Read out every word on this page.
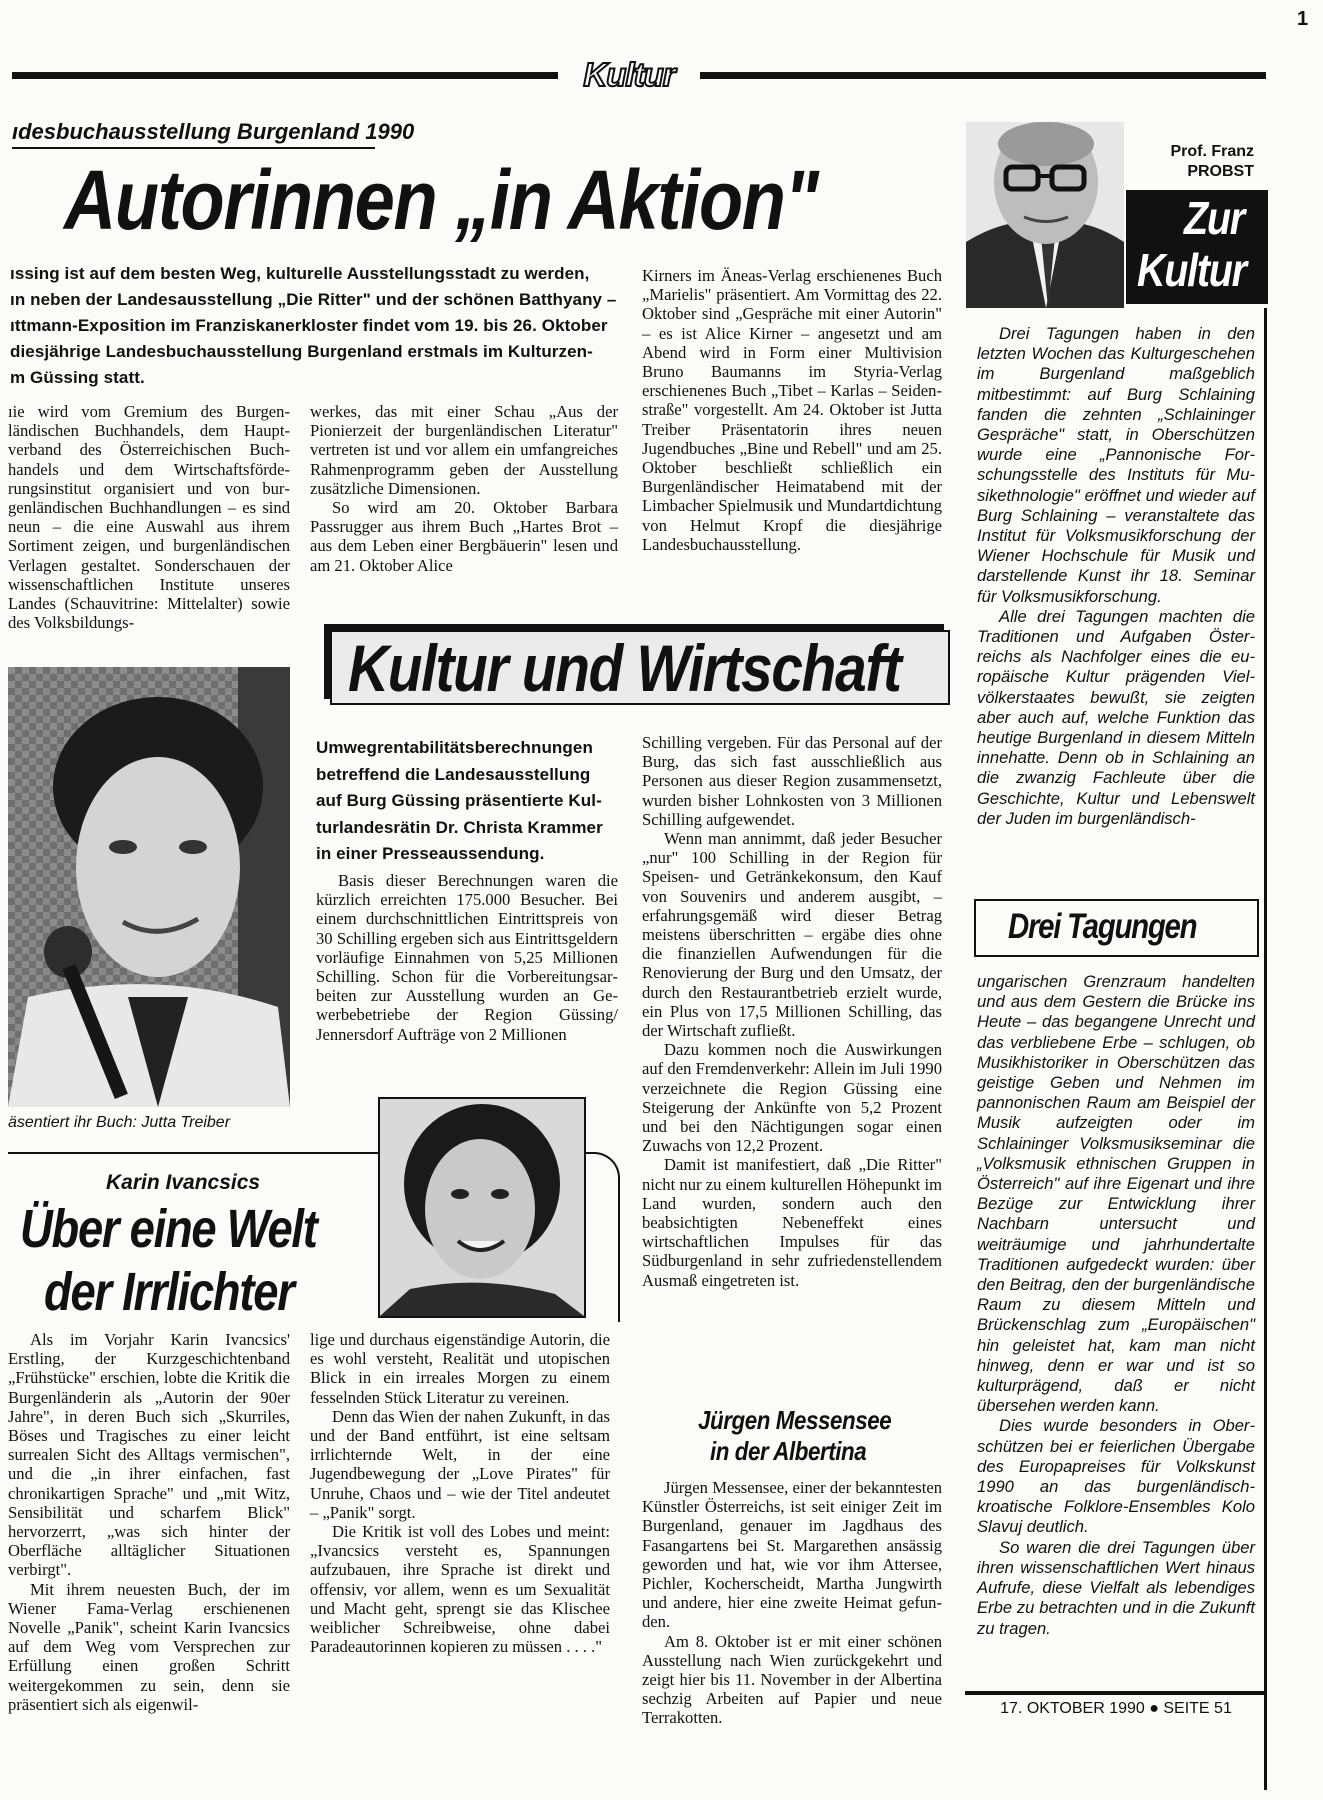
1
Kultur
ıdesbuchausstellung Burgenland 1990
Autorinnen „in Aktion"
ıssing ist auf dem besten Weg, kulturelle Ausstellungsstadt zu werden,
ın neben der Landesausstellung „Die Ritter" und der schönen Batthyany –
ıttmann-Exposition im Franziskanerkloster findet vom 19. bis 26. Oktober
diesjährige Landesbuchausstellung Burgenland erstmals im Kulturzen-
m Güssing statt.

ıie wird vom Gremium des Burgenländischen Buchhandels, dem Hauptverband des Österreichischen Buchhandels und dem Wirtschaftsförderungsinstitut organisiert und von burgenländischen Buchhandlungen – es sind neun – die eine Auswahl aus ihrem Sortiment zeigen, und burgenländischen Verlagen gestaltet. Sonderschauen der wissenschaftlichen Institute unseres Landes (Schauvitrine: Mittelalter) sowie des Volksbildungs-

werkes, das mit einer Schau „Aus der Pionierzeit der burgenländischen Literatur" vertreten ist und vor allem ein umfangreiches Rahmenprogramm geben der Ausstellung zusätzliche Dimensionen.

So wird am 20. Oktober Barbara Passrugger aus ihrem Buch „Hartes Brot – aus dem Leben einer Bergbäuerin" lesen und am 21. Oktober Alice

Kirners im Äneas-Verlag erschienenes Buch „Marielis" präsentiert. Am Vormittag des 22. Oktober sind „Gespräche mit einer Autorin" – es ist Alice Kirner – angesetzt und am Abend wird in Form einer Multivision Bruno Baumanns im Styria-Verlag erschienenes Buch „Tibet – Karlas – Seidenstraße" vorgestellt. Am 24. Oktober ist Jutta Treiber Präsentatorin ihres neuen Jugendbuches „Bine und Rebell" und am 25. Oktober beschließt schließlich ein Burgenländischer Heimatabend mit der Limbacher Spielmusik und Mundartdichtung von Helmut Kropf die diesjährige Landesbuchausstellung.

äsentiert ihr Buch: Jutta Treiber
Kultur und Wirtschaft
Umwegrentabilitätsberechnungen betreffend die Landesausstellung auf Burg Güssing präsentierte Kulturlandesrätin Dr. Christa Krammer in einer Presseaussendung.

Basis dieser Berechnungen waren die kürzlich erreichten 175.000 Besucher. Bei einem durchschnittlichen Eintrittspreis von 30 Schilling ergeben sich aus Eintrittsgeldern vorläufige Einnahmen von 5,25 Millionen Schilling. Schon für die Vorbereitungsarbeiten zur Ausstellung wurden an Gewerbebetriebe der Region Güssing/ Jennersdorf Aufträge von 2 Millionen

Schilling vergeben. Für das Personal auf der Burg, das sich fast ausschließlich aus Personen aus dieser Region zusammensetzt, wurden bisher Lohnkosten von 3 Millionen Schilling aufgewendet.

Wenn man annimmt, daß jeder Besucher „nur" 100 Schilling in der Region für Speisen- und Getränkekonsum, den Kauf von Souvenirs und anderem ausgibt, – erfahrungsgemäß wird dieser Betrag meistens überschritten – ergäbe dies ohne die finanziellen Aufwendungen für die Renovierung der Burg und den Umsatz, der durch den Restaurantbetrieb erzielt wurde, ein Plus von 17,5 Millionen Schilling, das der Wirtschaft zufließt.

Dazu kommen noch die Auswirkungen auf den Fremdenverkehr: Allein im Juli 1990 verzeichnete die Region Güssing eine Steigerung der Ankünfte von 5,2 Prozent und bei den Nächtigungen sogar einen Zuwachs von 12,2 Prozent.

Damit ist manifestiert, daß „Die Ritter" nicht nur zu einem kulturellen Höhepunkt im Land wurden, sondern auch den beabsichtigten Nebeneffekt eines wirtschaftlichen Impulses für das Südburgenland in sehr zufriedenstellendem Ausmaß eingetreten ist.

Karin Ivancsics
Über eine Welt
der Irrlichter

Als im Vorjahr Karin Ivancsics' Erstling, der Kurzgeschichtenband „Frühstücke" erschien, lobte die Kritik die Burgenländerin als „Autorin der 90er Jahre", in deren Buch sich „Skurriles, Böses und Tragisches zu einer leicht surrealen Sicht des Alltags vermischen", und die „in ihrer einfachen, fast chronikartigen Sprache" und „mit Witz, Sensibilität und scharfem Blick" hervorzerrt, „was sich hinter der Oberfläche alltäglicher Situationen verbirgt".

Mit ihrem neuesten Buch, der im Wiener Fama-Verlag erschienenen Novelle „Panik", scheint Karin Ivancsics auf dem Weg vom Versprechen zur Erfüllung einen großen Schritt weitergekommen zu sein, denn sie präsentiert sich als eigenwil-

lige und durchaus eigenständige Autorin, die es wohl versteht, Realität und utopischen Blick in ein irreales Morgen zu einem fesselnden Stück Literatur zu vereinen.

Denn das Wien der nahen Zukunft, in das und der Band entführt, ist eine seltsam irrlichternde Welt, in der eine Jugendbewegung der „Love Pirates" für Unruhe, Chaos und – wie der Titel andeutet – „Panik" sorgt.

Die Kritik ist voll des Lobes und meint: „Ivancsics versteht es, Spannungen aufzubauen, ihre Sprache ist direkt und offensiv, vor allem, wenn es um Sexualität und Macht geht, sprengt sie das Klischee weiblicher Schreibweise, ohne dabei Paradeautorinnen kopieren zu müssen . . . ."

Jürgen Messensee
in der Albertina

Jürgen Messensee, einer der bekanntesten Künstler Österreichs, ist seit einiger Zeit im Burgenland, genauer im Jagdhaus des Fasangartens bei St. Margarethen ansässig geworden und hat, wie vor ihm Attersee, Pichler, Kocherscheidt, Martha Jungwirth und andere, hier eine zweite Heimat gefunden.

Am 8. Oktober ist er mit einer schönen Ausstellung nach Wien zurückgekehrt und zeigt hier bis 11. November in der Albertina sechzig Arbeiten auf Papier und neue Terrakotten.

Prof. Franz
PROBST
Zur
Kultur

Drei Tagungen haben in den letzten Wochen das Kulturgeschehen im Burgenland maßgeblich mitbestimmt: auf Burg Schlaining fanden die zehnten „Schlaininger Gespräche" statt, in Oberschützen wurde eine „Pannonische Forschungsstelle des Instituts für Musikethnologie" eröffnet und wieder auf Burg Schlaining – veranstaltete das Institut für Volksmusikforschung der Wiener Hochschule für Musik und darstellende Kunst ihr 18. Seminar für Volksmusikforschung.

Alle drei Tagungen machten die Traditionen und Aufgaben Österreichs als Nachfolger eines die europäische Kultur prägenden Vielvölkerstaates bewußt, sie zeigten aber auch auf, welche Funktion das heutige Burgenland in diesem Mitteln innehatte. Denn ob in Schlaining an die zwanzig Fachleute über die Geschichte, Kultur und Lebenswelt der Juden im burgenländisch-

Drei Tagungen

ungarischen Grenzraum handelten und aus dem Gestern die Brücke ins Heute – das begangene Unrecht und das verbliebene Erbe – schlugen, ob Musikhistoriker in Oberschützen das geistige Geben und Nehmen im pannonischen Raum am Beispiel der Musik aufzeigten oder im Schlaininger Volksmusikseminar die „Volksmusik ethnischen Gruppen in Österreich" auf ihre Eigenart und ihre Bezüge zur Entwicklung ihrer Nachbarn untersucht und weiträumige und jahrhundertalte Traditionen aufgedeckt wurden: über den Beitrag, den der burgenländische Raum zu diesem Mitteln und Brückenschlag zum „Europäischen" hin geleistet hat, kam man nicht hinweg, denn er war und ist so kulturprägend, daß er nicht übersehen werden kann.

Dies wurde besonders in Oberschützen bei er feierlichen Übergabe des Europapreises für Volkskunst 1990 an das burgenländischkroatische Folklore-Ensembles Kolo Slavuj deutlich.

So waren die drei Tagungen über ihren wissenschaftlichen Wert hinaus Aufrufe, diese Vielfalt als lebendiges Erbe zu betrachten und in die Zukunft zu tragen.

17. OKTOBER 1990 ● SEITE 51
